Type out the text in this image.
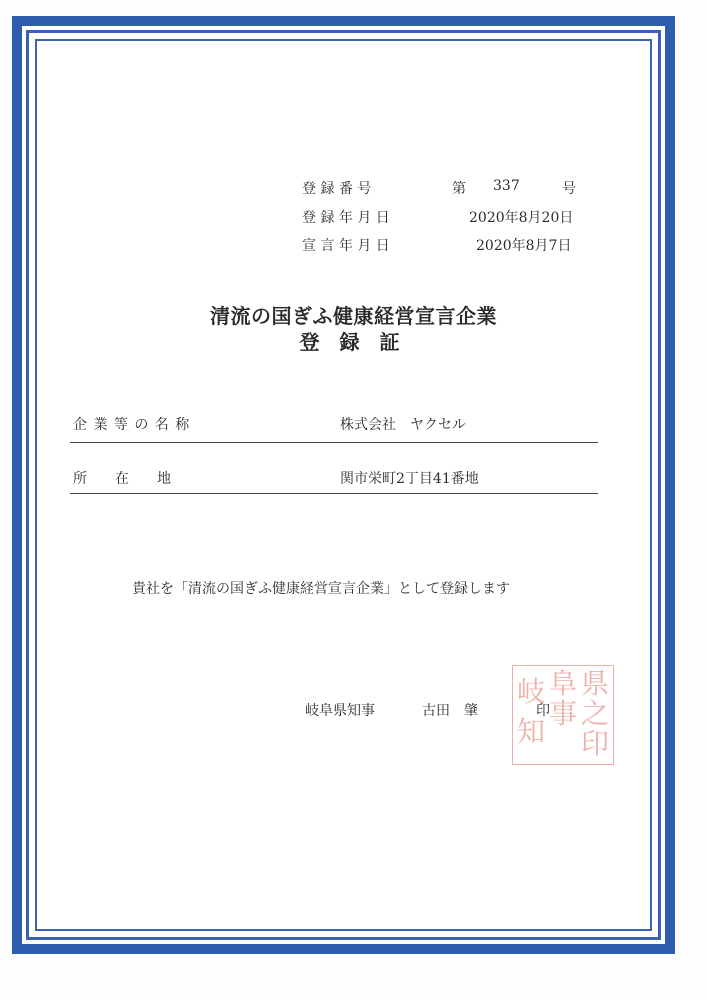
登 録 番 号	第 337	号
登 録 年 月 日	2020年8月20日
宣 言 年 月 日	2020年8月7日
清流の国ぎふ健康経営宣言企業
登　録　証
企 業 等 の 名 称	株式会社　ヤクセル
所　　在　　地	関市栄町2丁目41番地
貴社を「清流の国ぎふ健康経営宣言企業」として登録します
岐阜県知事	古田　肇	印
県
之
印
阜
事
岐
知
